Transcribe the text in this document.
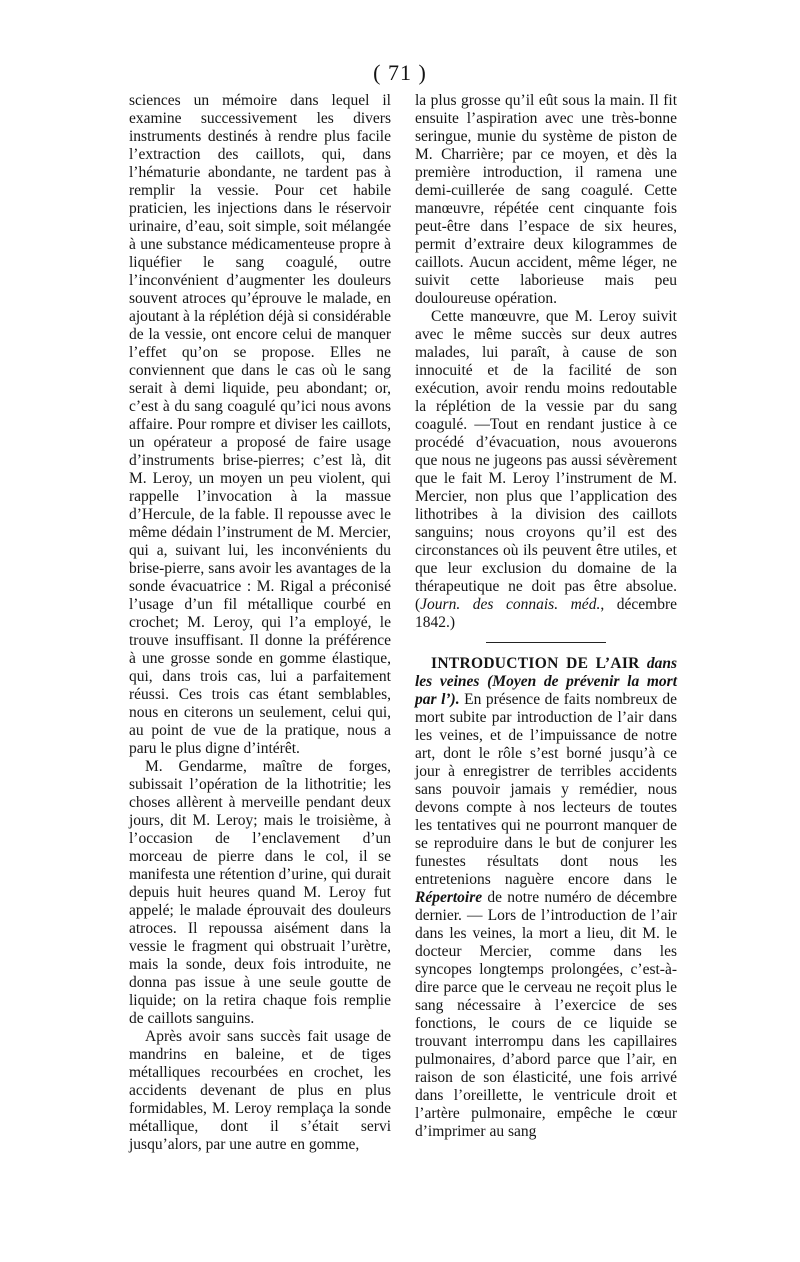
( 71 )

sciences un mémoire dans lequel il examine successivement les divers instruments destinés à rendre plus facile l’extraction des caillots, qui, dans l’hématurie abondante, ne tardent pas à remplir la vessie. Pour cet habile praticien, les injections dans le réservoir urinaire, d’eau, soit simple, soit mélangée à une substance médicamenteuse propre à liquéfier le sang coagulé, outre l’inconvénient d’augmenter les douleurs souvent atroces qu’éprouve le malade, en ajoutant à la réplétion déjà si considérable de la vessie, ont encore celui de manquer l’effet qu’on se propose. Elles ne conviennent que dans le cas où le sang serait à demi liquide, peu abondant; or, c’est à du sang coagulé qu’ici nous avons affaire. Pour rompre et diviser les caillots, un opérateur a proposé de faire usage d’instruments brise-pierres; c’est là, dit M. Leroy, un moyen un peu violent, qui rappelle l’invocation à la massue d’Hercule, de la fable. Il repousse avec le même dédain l’instrument de M. Mercier, qui a, suivant lui, les inconvénients du brise-pierre, sans avoir les avantages de la sonde évacuatrice : M. Rigal a préconisé l’usage d’un fil métallique courbé en crochet; M. Leroy, qui l’a employé, le trouve insuffisant. Il donne la préférence à une grosse sonde en gomme élastique, qui, dans trois cas, lui a parfaitement réussi. Ces trois cas étant semblables, nous en citerons un seulement, celui qui, au point de vue de la pratique, nous a paru le plus digne d’intérêt.

M. Gendarme, maître de forges, subissait l’opération de la lithotritie; les choses allèrent à merveille pendant deux jours, dit M. Leroy; mais le troisième, à l’occasion de l’enclavement d’un morceau de pierre dans le col, il se manifesta une rétention d’urine, qui durait depuis huit heures quand M. Leroy fut appelé; le malade éprouvait des douleurs atroces. Il repoussa aisément dans la vessie le fragment qui obstruait l’urètre, mais la sonde, deux fois introduite, ne donna pas issue à une seule goutte de liquide; on la retira chaque fois remplie de caillots sanguins.

Après avoir sans succès fait usage de mandrins en baleine, et de tiges métalliques recourbées en crochet, les accidents devenant de plus en plus formidables, M. Leroy remplaça la sonde métallique, dont il s’était servi jusqu’alors, par une autre en gomme,

la plus grosse qu’il eût sous la main. Il fit ensuite l’aspiration avec une très-bonne seringue, munie du système de piston de M. Charrière; par ce moyen, et dès la première introduction, il ramena une demi-cuillerée de sang coagulé. Cette manœuvre, répétée cent cinquante fois peut-être dans l’espace de six heures, permit d’extraire deux kilogrammes de caillots. Aucun accident, même léger, ne suivit cette laborieuse mais peu douloureuse opération.

Cette manœuvre, que M. Leroy suivit avec le même succès sur deux autres malades, lui paraît, à cause de son innocuité et de la facilité de son exécution, avoir rendu moins redoutable la réplétion de la vessie par du sang coagulé. —Tout en rendant justice à ce procédé d’évacuation, nous avouerons que nous ne jugeons pas aussi sévèrement que le fait M. Leroy l’instrument de M. Mercier, non plus que l’application des lithotribes à la division des caillots sanguins; nous croyons qu’il est des circonstances où ils peuvent être utiles, et que leur exclusion du domaine de la thérapeutique ne doit pas être absolue. (Journ. des connais. méd., décembre 1842.)

INTRODUCTION DE L’AIR dans les veines (Moyen de prévenir la mort par l’). En présence de faits nombreux de mort subite par introduction de l’air dans les veines, et de l’impuissance de notre art, dont le rôle s’est borné jusqu’à ce jour à enregistrer de terribles accidents sans pouvoir jamais y remédier, nous devons compte à nos lecteurs de toutes les tentatives qui ne pourront manquer de se reproduire dans le but de conjurer les funestes résultats dont nous les entretenions naguère encore dans le Répertoire de notre numéro de décembre dernier. — Lors de l’introduction de l’air dans les veines, la mort a lieu, dit M. le docteur Mercier, comme dans les syncopes longtemps prolongées, c’est-à-dire parce que le cerveau ne reçoit plus le sang nécessaire à l’exercice de ses fonctions, le cours de ce liquide se trouvant interrompu dans les capillaires pulmonaires, d’abord parce que l’air, en raison de son élasticité, une fois arrivé dans l’oreillette, le ventricule droit et l’artère pulmonaire, empêche le cœur d’imprimer au sang
